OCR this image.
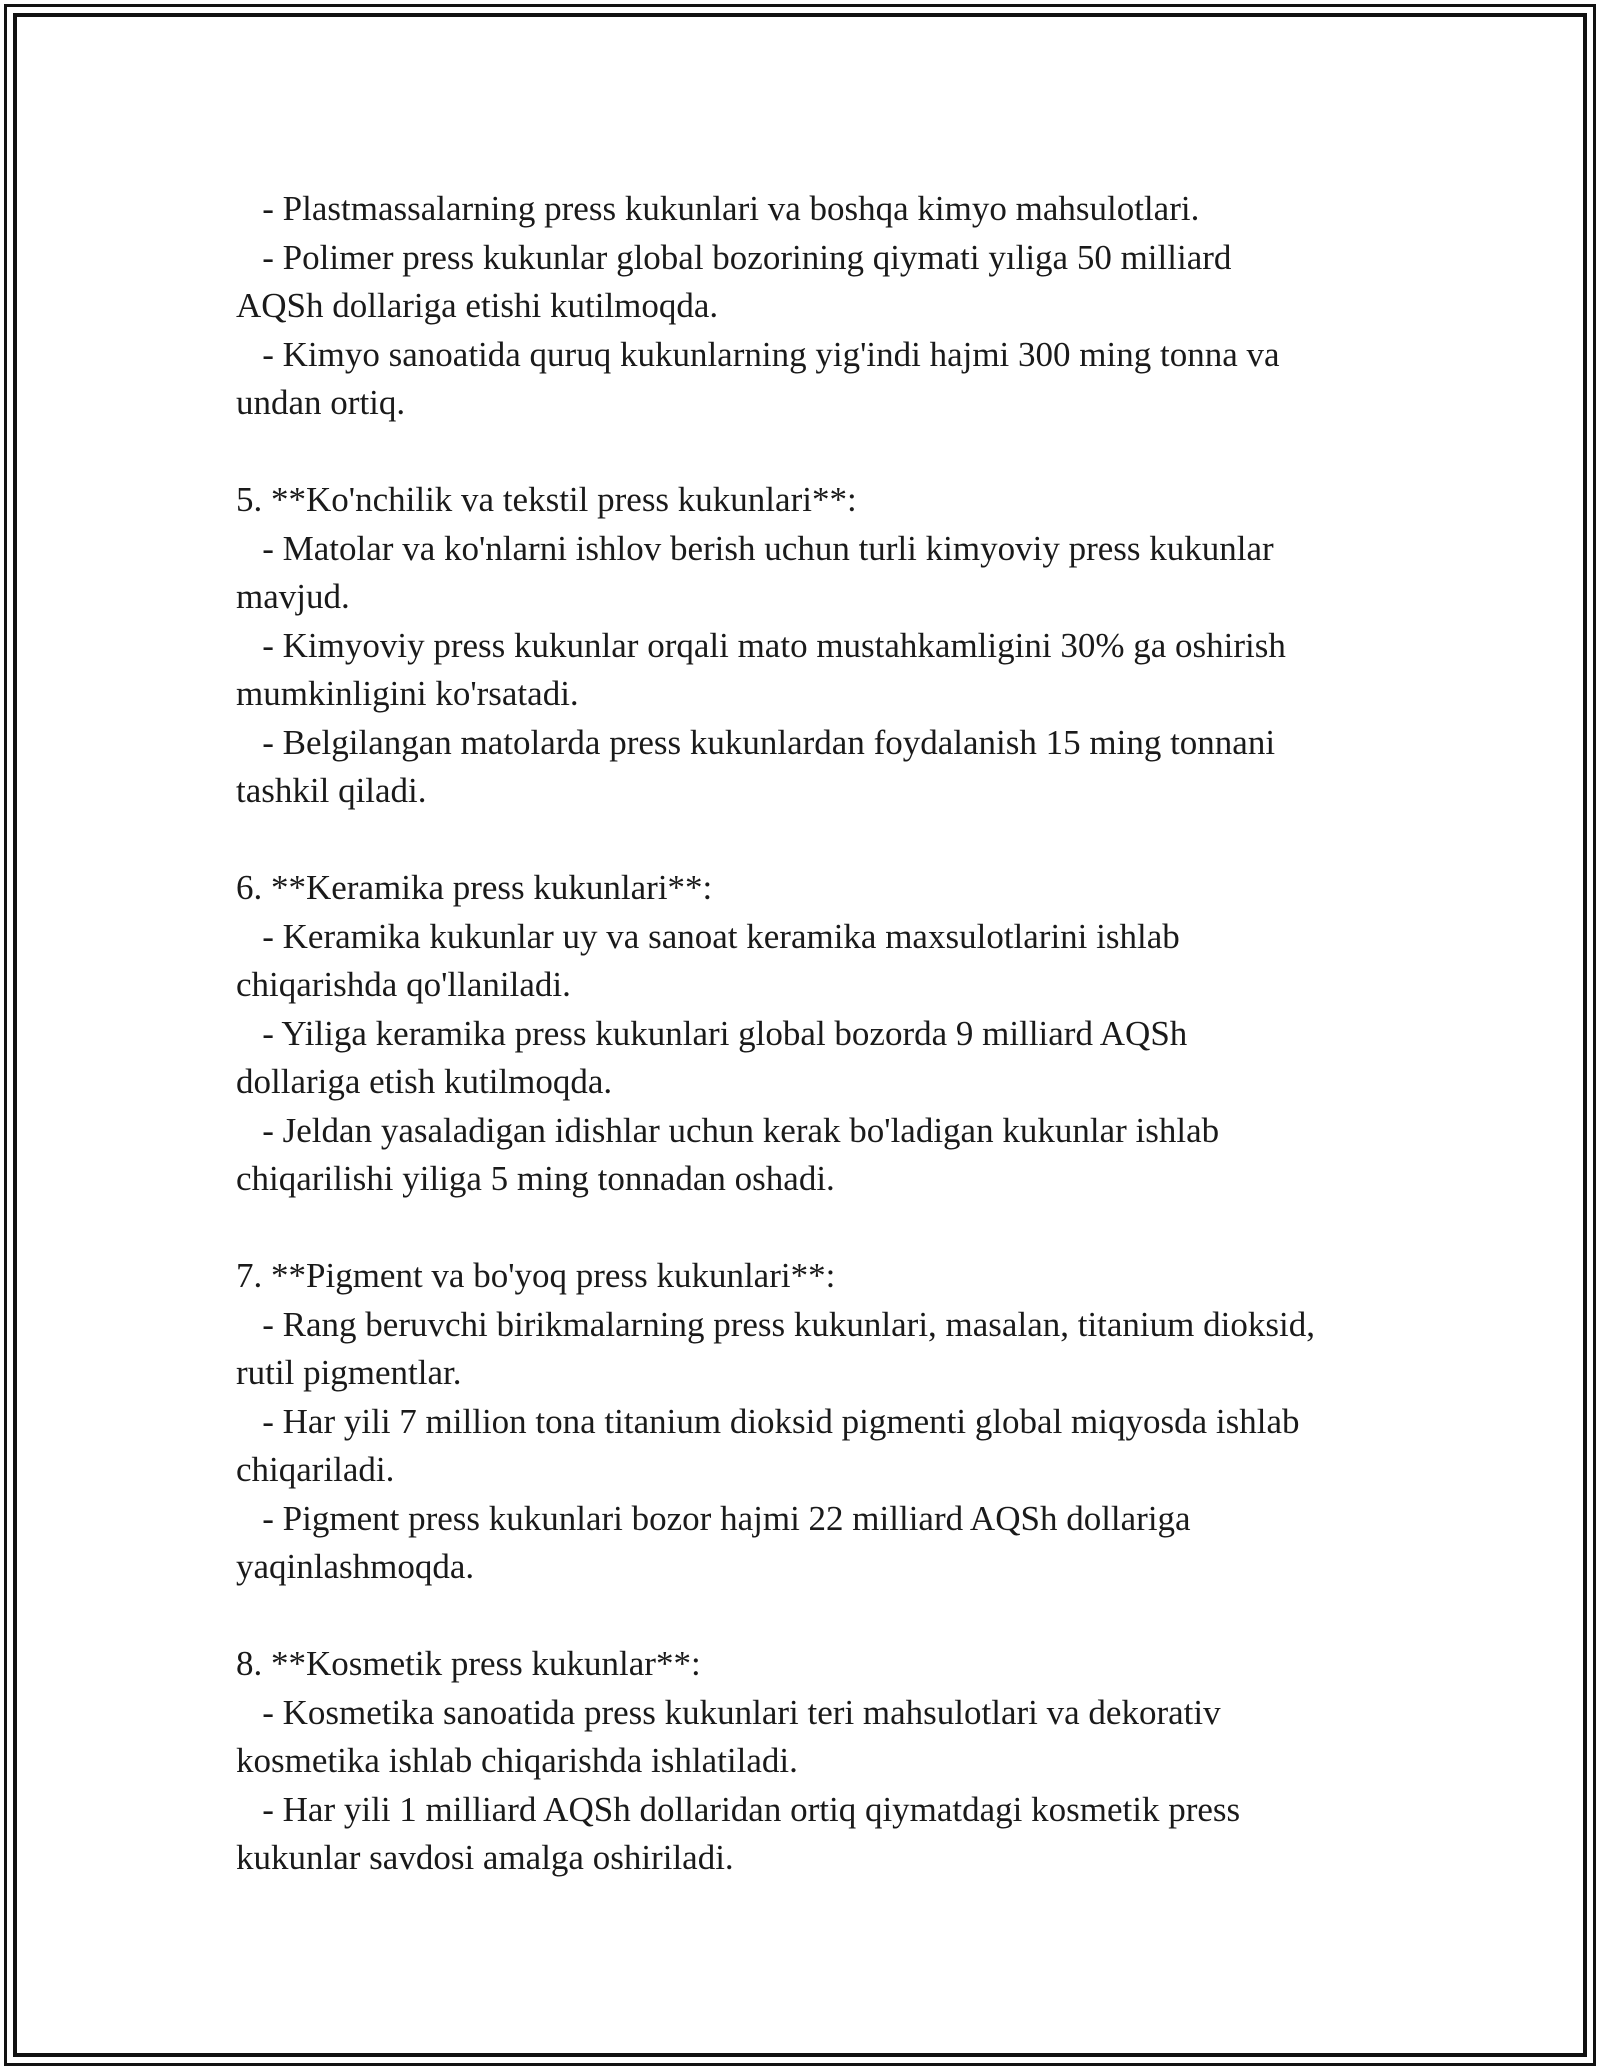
- Plastmassalarning press kukunlari va boshqa kimyo mahsulotlari.
- Polimer press kukunlar global bozorining qiymati yıliga 50 milliard
AQSh dollariga etishi kutilmoqda.
- Kimyo sanoatida quruq kukunlarning yig'indi hajmi 300 ming tonna va
undan ortiq.
5. **Ko'nchilik va tekstil press kukunlari**:
- Matolar va ko'nlarni ishlov berish uchun turli kimyoviy press kukunlar
mavjud.
- Kimyoviy press kukunlar orqali mato mustahkamligini 30% ga oshirish
mumkinligini ko'rsatadi.
- Belgilangan matolarda press kukunlardan foydalanish 15 ming tonnani
tashkil qiladi.
6. **Keramika press kukunlari**:
- Keramika kukunlar uy va sanoat keramika maxsulotlarini ishlab
chiqarishda qo'llaniladi.
- Yiliga keramika press kukunlari global bozorda 9 milliard AQSh
dollariga etish kutilmoqda.
- Jeldan yasaladigan idishlar uchun kerak bo'ladigan kukunlar ishlab
chiqarilishi yiliga 5 ming tonnadan oshadi.
7. **Pigment va bo'yoq press kukunlari**:
- Rang beruvchi birikmalarning press kukunlari, masalan, titanium dioksid,
rutil pigmentlar.
- Har yili 7 million tona titanium dioksid pigmenti global miqyosda ishlab
chiqariladi.
- Pigment press kukunlari bozor hajmi 22 milliard AQSh dollariga
yaqinlashmoqda.
8. **Kosmetik press kukunlar**:
- Kosmetika sanoatida press kukunlari teri mahsulotlari va dekorativ
kosmetika ishlab chiqarishda ishlatiladi.
- Har yili 1 milliard AQSh dollaridan ortiq qiymatdagi kosmetik press
kukunlar savdosi amalga oshiriladi.
